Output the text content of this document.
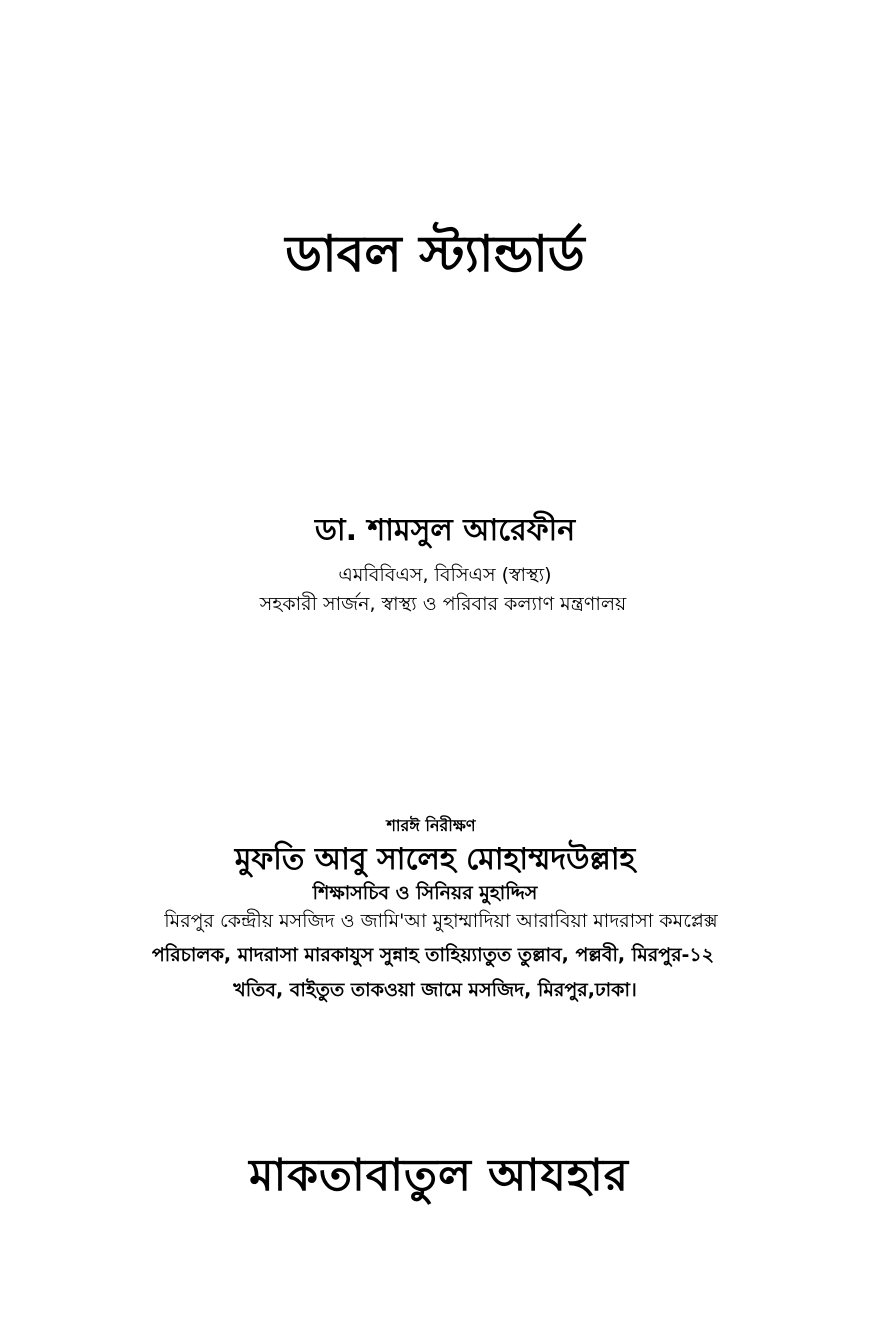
ডাবল স্ট্যান্ডার্ড
ডা. শামসুল আরেফীন
এমবিবিএস, বিসিএস (স্বাস্থ্য)
সহকারী সার্জন, স্বাস্থ্য ও পরিবার কল্যাণ মন্ত্রণালয়
শারঈ নিরীক্ষণ
মুফতি আবু সালেহ মোহাম্মদউল্লাহ
শিক্ষাসচিব ও সিনিয়র মুহাদ্দিস
মিরপুর কেন্দ্রীয় মসজিদ ও জামি'আ মুহাম্মাদিয়া আরাবিয়া মাদরাসা কমপ্লেক্স
পরিচালক, মাদরাসা মারকাযুস সুন্নাহ তাহিয়্যাতুত তুল্লাব, পল্লবী, মিরপুর-১২
খতিব, বাইতুত তাকওয়া জামে মসজিদ, মিরপুর,ঢাকা।
মাকতাবাতুল আযহার
